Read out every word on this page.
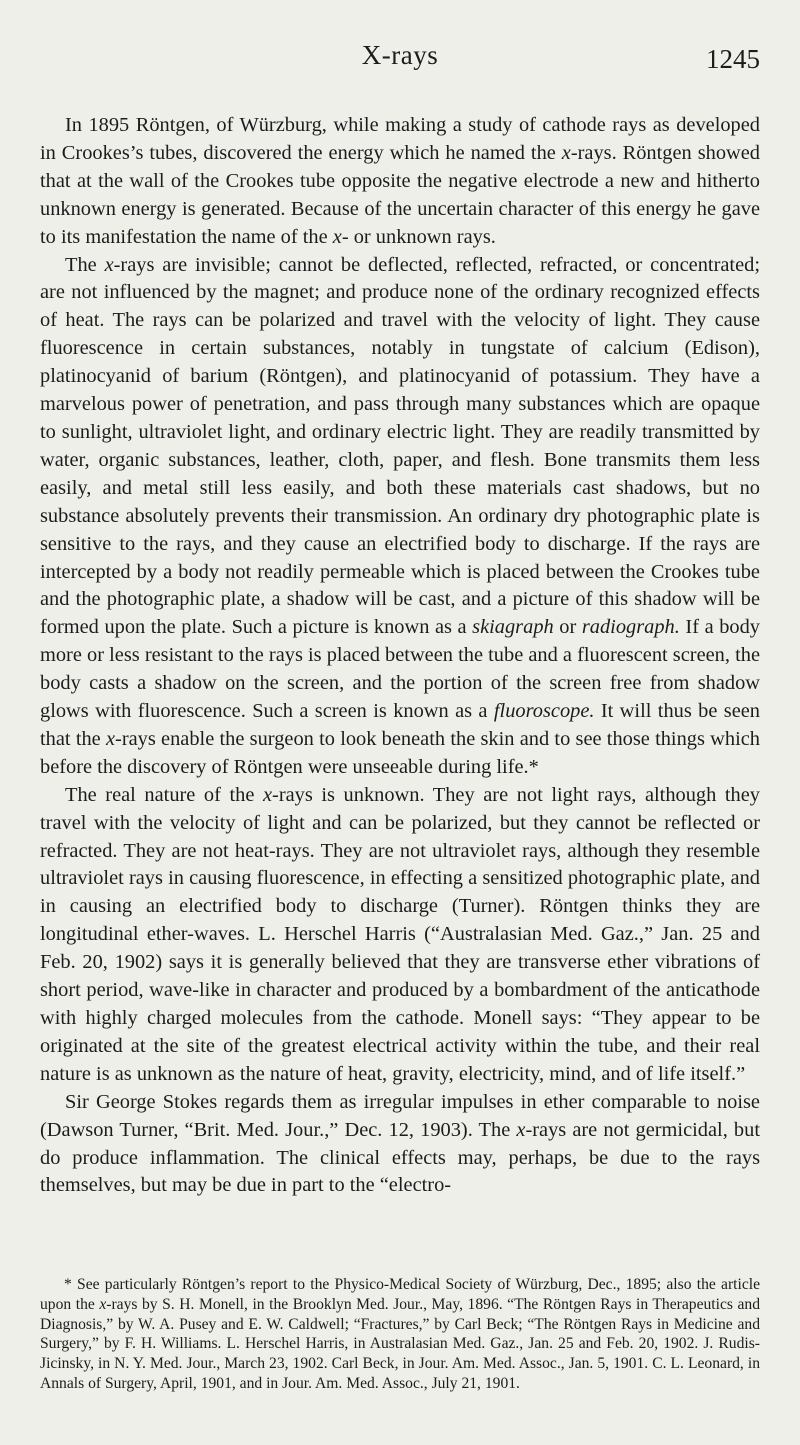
X-rays	1245

In 1895 Röntgen, of Würzburg, while making a study of cathode rays as developed in Crookes’s tubes, discovered the energy which he named the x-rays. Röntgen showed that at the wall of the Crookes tube opposite the negative electrode a new and hitherto unknown energy is generated. Because of the uncertain character of this energy he gave to its manifestation the name of the x- or unknown rays.

The x-rays are invisible; cannot be deflected, reflected, refracted, or concentrated; are not influenced by the magnet; and produce none of the ordinary recognized effects of heat. The rays can be polarized and travel with the velocity of light. They cause fluorescence in certain substances, notably in tungstate of calcium (Edison), platinocyanid of barium (Röntgen), and platinocyanid of potassium. They have a marvelous power of penetration, and pass through many substances which are opaque to sunlight, ultraviolet light, and ordinary electric light. They are readily transmitted by water, organic substances, leather, cloth, paper, and flesh. Bone transmits them less easily, and metal still less easily, and both these materials cast shadows, but no substance absolutely prevents their transmission. An ordinary dry photographic plate is sensitive to the rays, and they cause an electrified body to discharge. If the rays are intercepted by a body not readily permeable which is placed between the Crookes tube and the photographic plate, a shadow will be cast, and a picture of this shadow will be formed upon the plate. Such a picture is known as a skiagraph or radiograph. If a body more or less resistant to the rays is placed between the tube and a fluorescent screen, the body casts a shadow on the screen, and the portion of the screen free from shadow glows with fluorescence. Such a screen is known as a fluoroscope. It will thus be seen that the x-rays enable the surgeon to look beneath the skin and to see those things which before the discovery of Röntgen were unseeable during life.*

The real nature of the x-rays is unknown. They are not light rays, although they travel with the velocity of light and can be polarized, but they cannot be reflected or refracted. They are not heat-rays. They are not ultraviolet rays, although they resemble ultraviolet rays in causing fluorescence, in effecting a sensitized photographic plate, and in causing an electrified body to discharge (Turner). Röntgen thinks they are longitudinal ether-waves. L. Herschel Harris (“Australasian Med. Gaz.,” Jan. 25 and Feb. 20, 1902) says it is generally believed that they are transverse ether vibrations of short period, wave-like in character and produced by a bombardment of the anticathode with highly charged molecules from the cathode. Monell says: “They appear to be originated at the site of the greatest electrical activity within the tube, and their real nature is as unknown as the nature of heat, gravity, electricity, mind, and of life itself.”

Sir George Stokes regards them as irregular impulses in ether comparable to noise (Dawson Turner, “Brit. Med. Jour.,” Dec. 12, 1903). The x-rays are not germicidal, but do produce inflammation. The clinical effects may, perhaps, be due to the rays themselves, but may be due in part to the “electro-

* See particularly Röntgen’s report to the Physico-Medical Society of Würzburg, Dec., 1895; also the article upon the x-rays by S. H. Monell, in the Brooklyn Med. Jour., May, 1896. “The Röntgen Rays in Therapeutics and Diagnosis,” by W. A. Pusey and E. W. Caldwell; “Fractures,” by Carl Beck; “The Röntgen Rays in Medicine and Surgery,” by F. H. Williams. L. Herschel Harris, in Australasian Med. Gaz., Jan. 25 and Feb. 20, 1902. J. Rudis-Jicinsky, in N. Y. Med. Jour., March 23, 1902. Carl Beck, in Jour. Am. Med. Assoc., Jan. 5, 1901. C. L. Leonard, in Annals of Surgery, April, 1901, and in Jour. Am. Med. Assoc., July 21, 1901.
